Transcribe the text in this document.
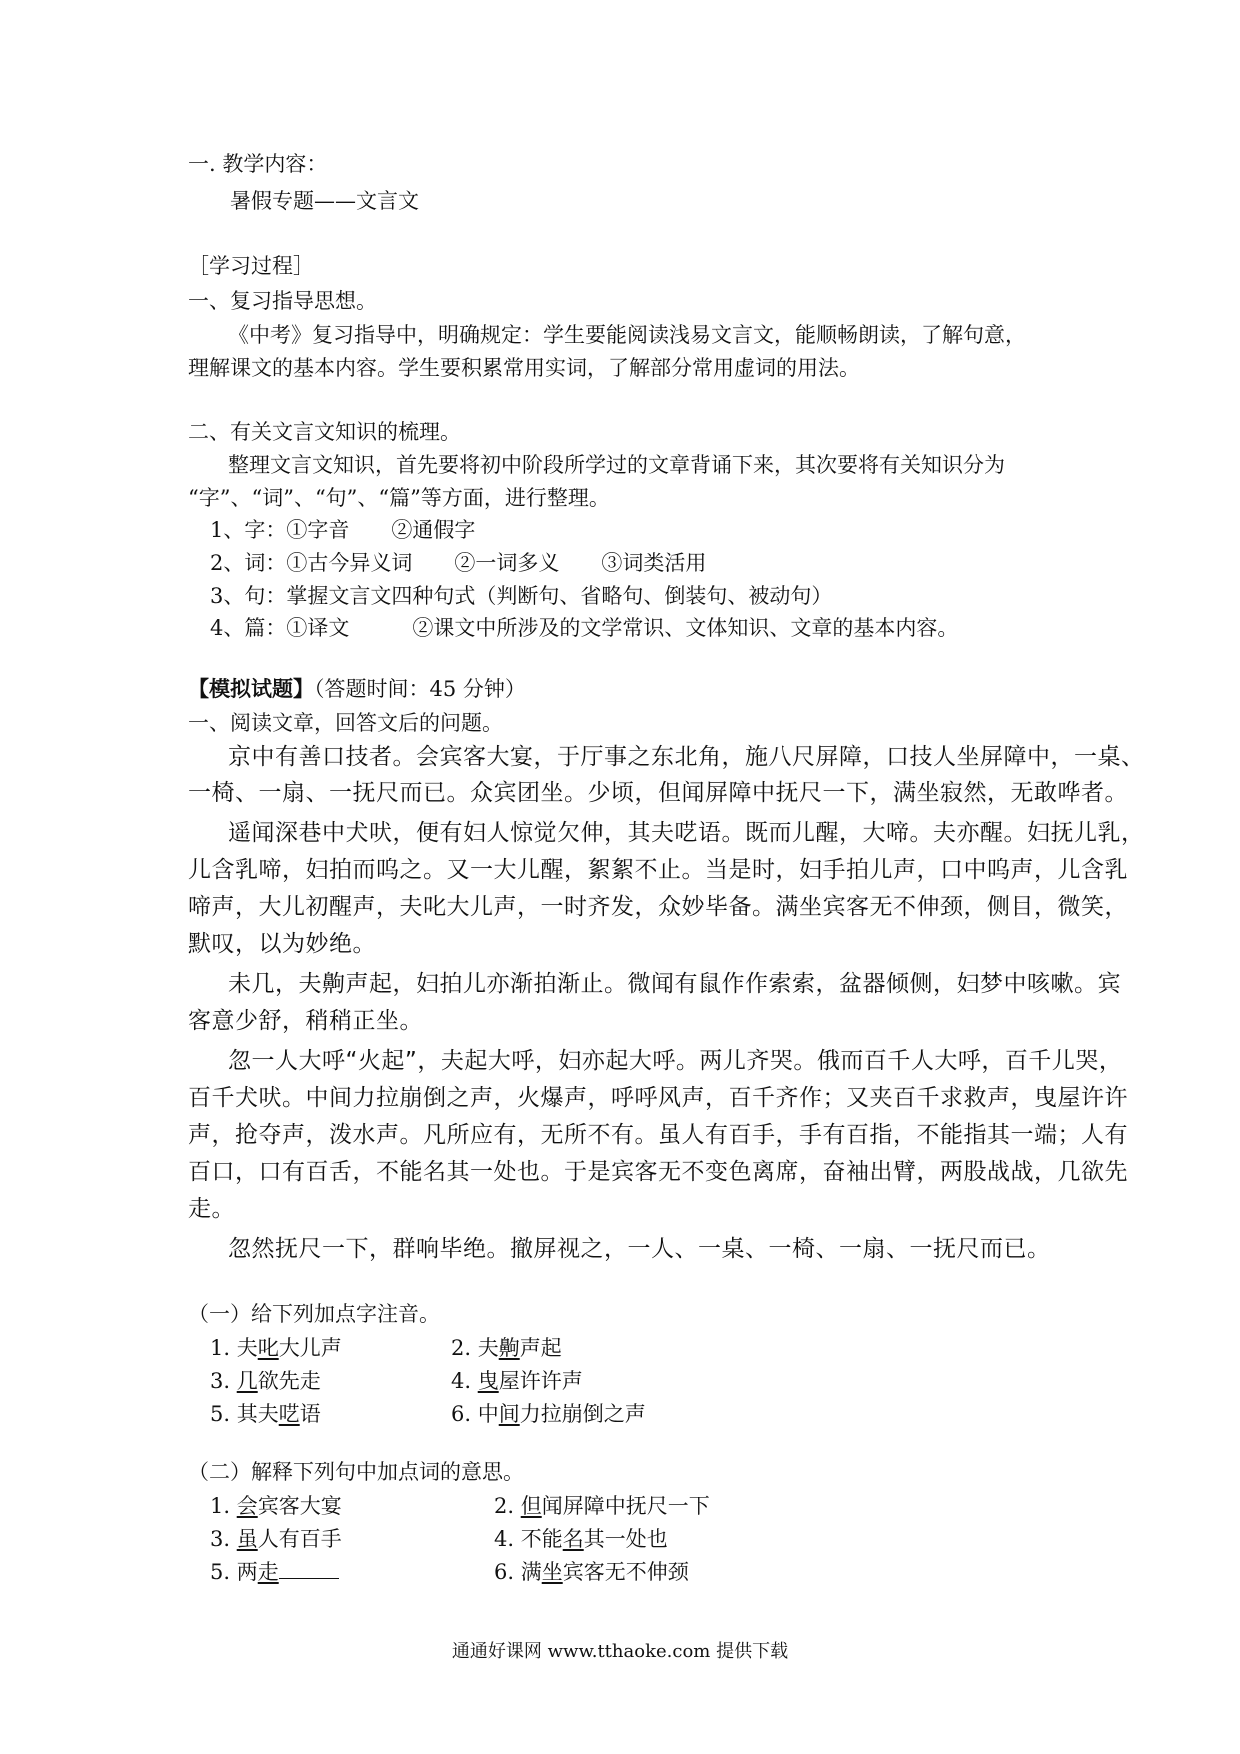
一. 教学内容：
暑假专题——文言文
［学习过程］
一、复习指导思想。
《中考》复习指导中，明确规定：学生要能阅读浅易文言文，能顺畅朗读，了解句意，
理解课文的基本内容。学生要积累常用实词，了解部分常用虚词的用法。
二、有关文言文知识的梳理。
整理文言文知识，首先要将初中阶段所学过的文章背诵下来，其次要将有关知识分为
“字”、“词”、“句”、“篇”等方面，进行整理。
1、字：①字音　　②通假字
2、词：①古今异义词　　②一词多义　　③词类活用
3、句：掌握文言文四种句式（判断句、省略句、倒装句、被动句）
4、篇：①译文　　　②课文中所涉及的文学常识、文体知识、文章的基本内容。
【模拟试题】（答题时间：45 分钟）
一、阅读文章，回答文后的问题。
京中有善口技者。会宾客大宴，于厅事之东北角，施八尺屏障，口技人坐屏障中，一桌、
一椅、一扇、一抚尺而已。众宾团坐。少顷，但闻屏障中抚尺一下，满坐寂然，无敢哗者。
遥闻深巷中犬吠，便有妇人惊觉欠伸，其夫呓语。既而儿醒，大啼。夫亦醒。妇抚儿乳，
儿含乳啼，妇拍而呜之。又一大儿醒，絮絮不止。当是时，妇手拍儿声，口中呜声，儿含乳
啼声，大儿初醒声，夫叱大儿声，一时齐发，众妙毕备。满坐宾客无不伸颈，侧目，微笑，
默叹，以为妙绝。
未几，夫齁声起，妇拍儿亦渐拍渐止。微闻有鼠作作索索，盆器倾侧，妇梦中咳嗽。宾
客意少舒，稍稍正坐。
忽一人大呼“火起”，夫起大呼，妇亦起大呼。两儿齐哭。俄而百千人大呼，百千儿哭，
百千犬吠。中间力拉崩倒之声，火爆声，呼呼风声，百千齐作；又夹百千求救声，曳屋许许
声，抢夺声，泼水声。凡所应有，无所不有。虽人有百手，手有百指，不能指其一端；人有
百口，口有百舌，不能名其一处也。于是宾客无不变色离席，奋袖出臂，两股战战，几欲先
走。
忽然抚尺一下，群响毕绝。撤屏视之，一人、一桌、一椅、一扇、一抚尺而已。
（一）给下列加点字注音。
1. 夫叱大儿声	2. 夫齁声起
3. 几欲先走	4. 曳屋许许声
5. 其夫呓语	6. 中间力拉崩倒之声
（二）解释下列句中加点词的意思。
1. 会宾客大宴	2. 但闻屏障中抚尺一下
3. 虽人有百手	4. 不能名其一处也
5. 两走	6. 满坐宾客无不伸颈
通通好课网 www.tthaoke.com 提供下载
